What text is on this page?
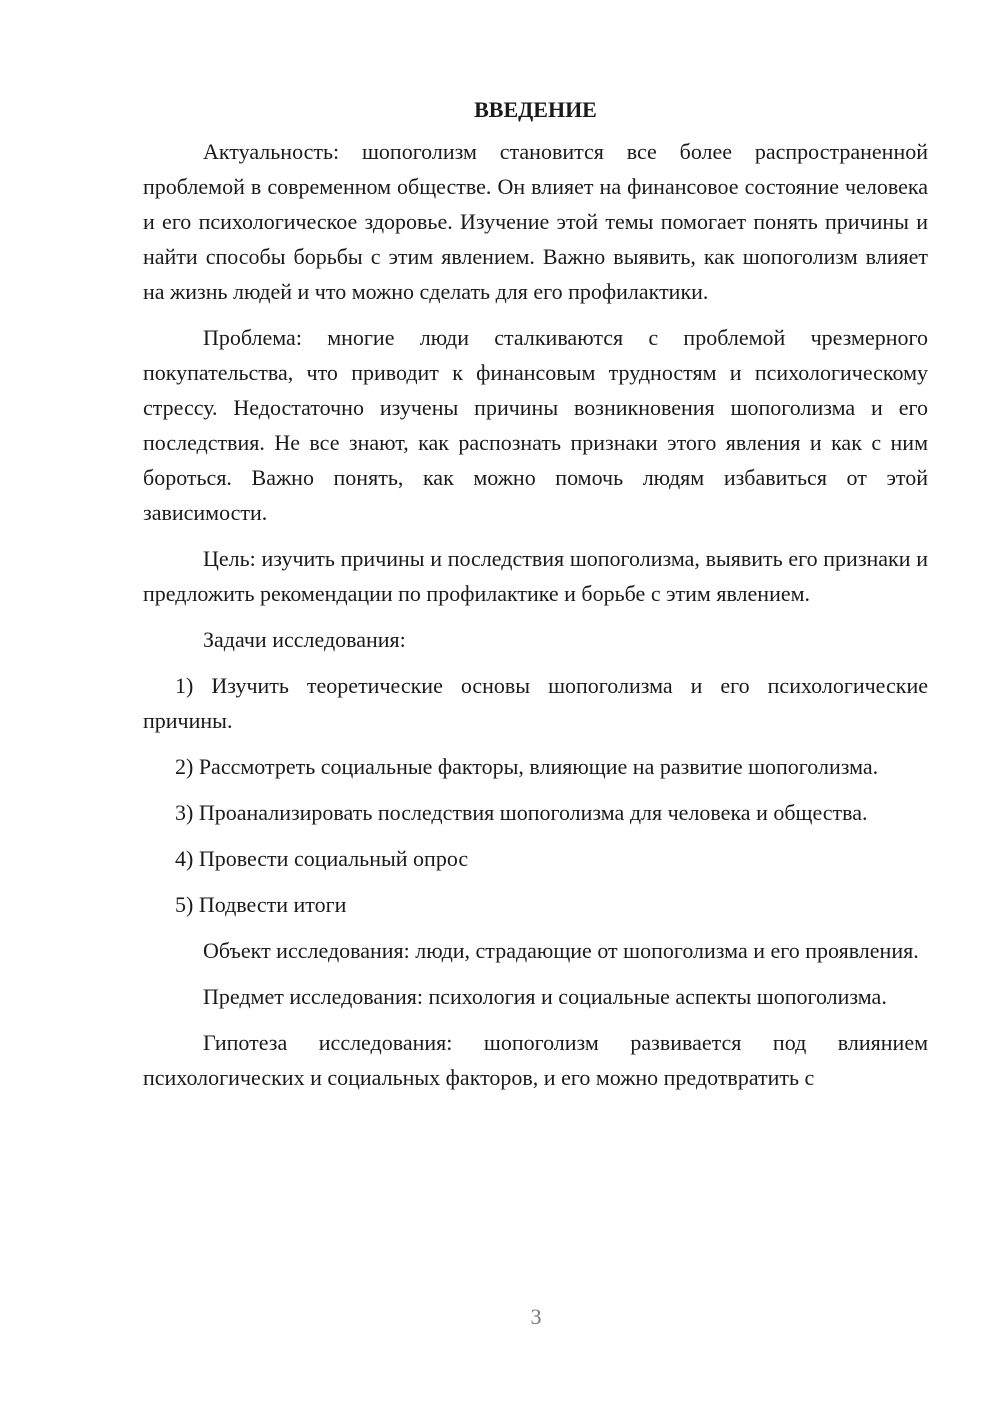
ВВЕДЕНИЕ

Актуальность: шопоголизм становится все более распространенной проблемой в современном обществе. Он влияет на финансовое состояние человека и его психологическое здоровье. Изучение этой темы помогает понять причины и найти способы борьбы с этим явлением. Важно выявить, как шопоголизм влияет на жизнь людей и что можно сделать для его профилактики.

Проблема: многие люди сталкиваются с проблемой чрезмерного покупательства, что приводит к финансовым трудностям и психологическому стрессу. Недостаточно изучены причины возникновения шопоголизма и его последствия. Не все знают, как распознать признаки этого явления и как с ним бороться. Важно понять, как можно помочь людям избавиться от этой зависимости.

Цель: изучить причины и последствия шопоголизма, выявить его признаки и предложить рекомендации по профилактике и борьбе с этим явлением.

Задачи исследования:

1) Изучить теоретические основы шопоголизма и его психологические причины.

2) Рассмотреть социальные факторы, влияющие на развитие шопоголизма.

3) Проанализировать последствия шопоголизма для человека и общества.

4) Провести социальный опрос

5) Подвести итоги

Объект исследования: люди, страдающие от шопоголизма и его проявления.

Предмет исследования: психология и социальные аспекты шопоголизма.

Гипотеза исследования: шопоголизм развивается под влиянием психологических и социальных факторов, и его можно предотвратить с

3
